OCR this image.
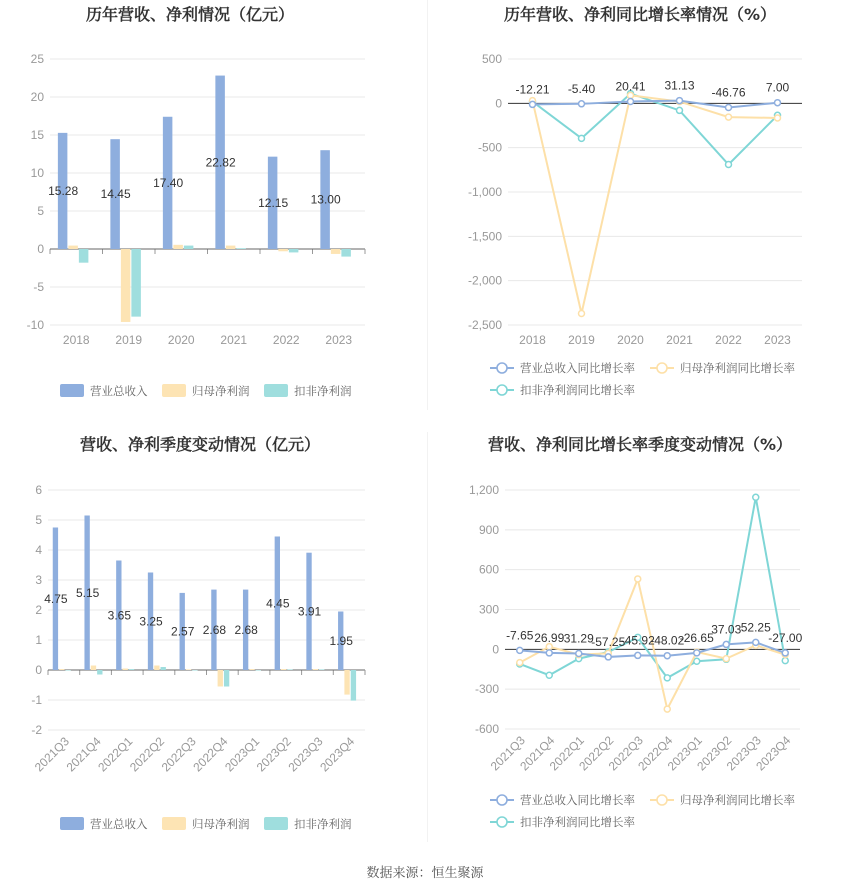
历年营收、净利情况（亿元）
25
20
15
10
5
0
-5
-10
2018 2019 2020 2021 2022 2023
15.28 14.45
17.40
22.82
12.15 13.00
营业总收入	归母净利润	扣非净利润
历年营收、净利同比增长率情况（%）
500
0
-500
-1,000
-1,500
-2,000
-2,500
2018 2019 2020 2021 2022 2023
-12.21 -5.40 20.41 31.13 -46.76 7.00
营业总收入同比增长率	归母净利润同比增长率
扣非净利润同比增长率
营收、净利季度变动情况（亿元）
6
5
4
3
2
1
0
-1
-2
2021Q3
2021Q4
2022Q1
2022Q2
2022Q3
2022Q4
2023Q1
2023Q2
2023Q3
2023Q4
4.75 5.15
3.65 3.25
2.57 2.68 2.68
4.45
3.91
1.95
营业总收入	归母净利润	扣非净利润
营收、净利同比增长率季度变动情况（%）
1,200
900
600
300
0
-300
-600
2021Q3
2021Q4
2022Q1
2022Q2
2022Q3
2022Q4
2023Q1
2023Q2
2023Q3
2023Q4
-7.65 26.99 31.29
-57.25
-45.92
-48.02
-26.65
37.03 52.25
-27.00
营业总收入同比增长率	归母净利润同比增长率
扣非净利润同比增长率
数据来源：恒生聚源
